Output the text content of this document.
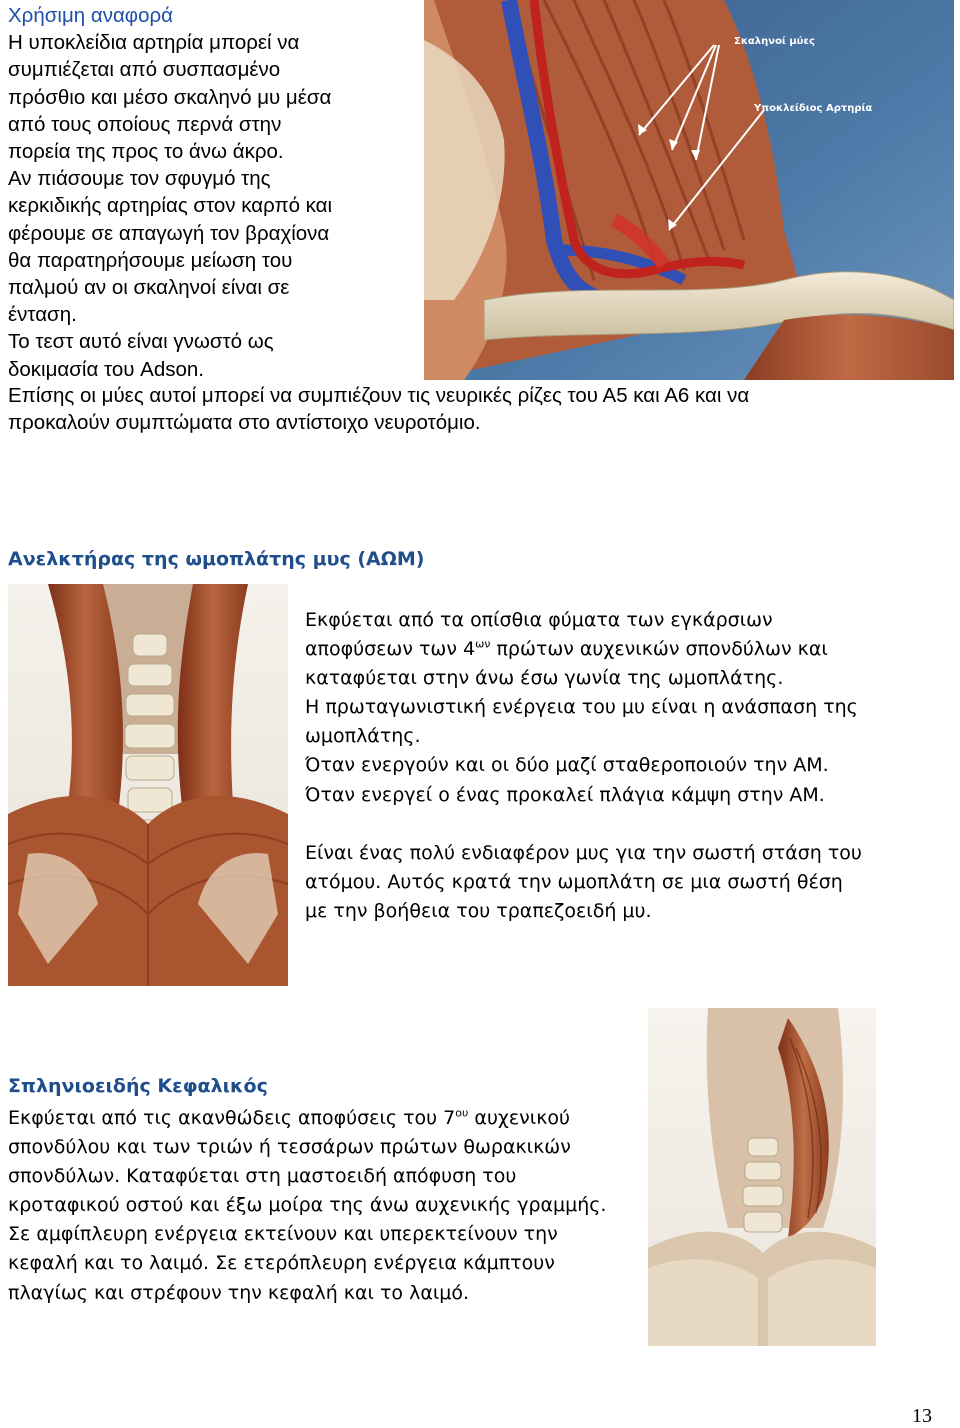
Χρήσιμη αναφορά
Η υποκλείδια αρτηρία μπορεί να
συμπιέζεται από συσπασμένο
πρόσθιο και μέσο σκαληνό μυ μέσα
από τους οποίους περνά στην
πορεία της προς το άνω άκρο.
Αν πιάσουμε τον σφυγμό της
κερκιδικής αρτηρίας στον καρπό και
φέρουμε σε απαγωγή τον βραχίονα
θα παρατηρήσουμε μείωση του
παλμού αν οι σκαληνοί είναι σε
ένταση.
Το τεστ αυτό είναι γνωστό ως
δοκιμασία του Adson.
Επίσης οι μύες αυτοί μπορεί να συμπιέζουν τις νευρικές ρίζες του Α5 και Α6 και να
προκαλούν συμπτώματα στο αντίστοιχο νευροτόμιο.
Σκαληνοί μύες
Υποκλείδιος Αρτηρία
Ανελκτήρας της ωμοπλάτης μυς (ΑΩΜ)
Εκφύεται από τα οπίσθια φύματα των εγκάρσιων
αποφύσεων των $4^{\omega\nu}$ πρώτων αυχενικών σπονδύλων και
καταφύεται στην άνω έσω γωνία της ωμοπλάτης.
Η πρωταγωνιστική ενέργεια του μυ είναι η ανάσπαση της
ωμοπλάτης.
Όταν ενεργούν και οι δύο μαζί σταθεροποιούν την ΑΜ.
Όταν ενεργεί ο ένας προκαλεί πλάγια κάμψη στην ΑΜ.
Είναι ένας πολύ ενδιαφέρον μυς για την σωστή στάση του
ατόμου. Αυτός κρατά την ωμοπλάτη σε μια σωστή θέση
με την βοήθεια του τραπεζοειδή μυ.
Σπληνιοειδής Κεφαλικός
Εκφύεται από τις ακανθώδεις αποφύσεις του $7^{o\upsilon}$ αυχενικού
σπονδύλου και των τριών ή τεσσάρων πρώτων θωρακικών
σπονδύλων. Καταφύεται στη μαστοειδή απόφυση του
κροταφικού οστού και έξω μοίρα της άνω αυχενικής γραμμής.
Σε αμφίπλευρη ενέργεια εκτείνουν και υπερεκτείνουν την
κεφαλή και το λαιμό. Σε ετερόπλευρη ενέργεια κάμπτουν
πλαγίως και στρέφουν την κεφαλή και το λαιμό.
13
